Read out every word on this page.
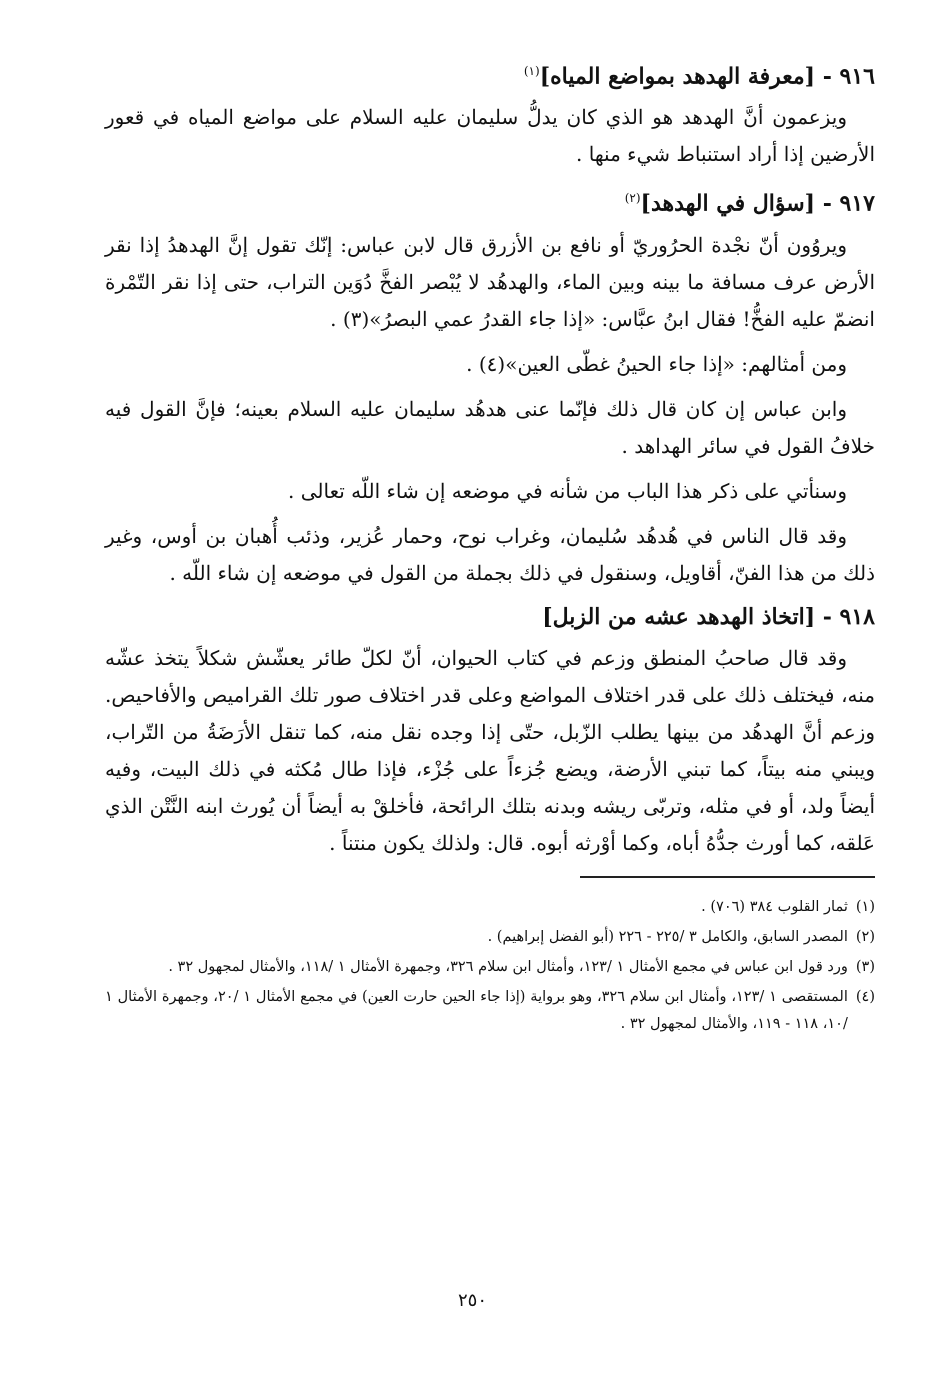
٩١٦ - [معرفة الهدهد بمواضع المياه]$^{(١)}$

ويزعمون أنَّ الهدهد هو الذي كان يدلُّ سليمان عليه السلام على مواضع المياه في قعور الأرضين إذا أراد استنباط شيء منها .

٩١٧ - [سؤال في الهدهد]$^{(٢)}$

ويروُون أنّ نجْدة الحرُوريّ أو نافع بن الأزرق قال لابن عباس: إنّك تقول إنَّ الهدهدُ إذا نقر الأرض عرف مسافة ما بينه وبين الماء، والهدهُد لا يُبْصر الفخَّ دُوَين التراب، حتى إذا نقر التّمْرة انضمّ عليه الفخُّ! فقال ابنُ عبَّاس: «إذا جاء القدرُ عمي البصرُ»(٣) .

ومن أمثالهم: «إذا جاء الحينُ غطّى العين»(٤) .

وابن عباس إن كان قال ذلك فإنّما عنى هدهُد سليمان عليه السلام بعينه؛ فإنَّ القول فيه خلافُ القول في سائر الهداهد .

وسنأتي على ذكر هذا الباب من شأنه في موضعه إن شاء اللّه تعالى .

وقد قال الناس في هُدهُد سُليمان، وغراب نوح، وحمار عُزير، وذئب أُهبان بن أوس، وغير ذلك من هذا الفنّ، أقاويل، وسنقول في ذلك بجملة من القول في موضعه إن شاء اللّه .

٩١٨ - [اتخاذ الهدهد عشه من الزبل]

وقد قال صاحبُ المنطق وزعم في كتاب الحيوان، أنّ لكلّ طائر يعشّش شكلاً يتخذ عشّه منه، فيختلف ذلك على قدر اختلاف المواضع وعلى قدر اختلاف صور تلك القراميص والأفاحيص. وزعم أنَّ الهدهُد من بينها يطلب الزّبل، حتّى إذا وجده نقل منه، كما تنقل الأرَضَةُ من التّراب، ويبني منه بيتاً، كما تبني الأرضة، ويضع جُزءاً على جُزْء، فإذا طال مُكثه في ذلك البيت، وفيه أيضاً ولد، أو في مثله، وتربّى ريشه وبدنه بتلك الرائحة، فأخلقْ به أيضاً أن يُورث ابنه النَّتْن الذي عَلقه، كما أورث جدُّهُ أباه، وكما أوْرثه أبوه. قال: ولذلك يكون منتناً .

(١)
ثمار القلوب ٣٨٤ (٧٠٦) .
(٢)
المصدر السابق، والكامل ٣ /٢٢٥ - ٢٢٦ (أبو الفضل إبراهيم) .
(٣)
ورد قول ابن عباس في مجمع الأمثال ١ /١٢٣، وأمثال ابن سلام ٣٢٦، وجمهرة الأمثال ١ /١١٨، والأمثال لمجهول ٣٢ .
(٤)
المستقصى ١ /١٢٣، وأمثال ابن سلام ٣٢٦، وهو برواية (إذا جاء الحين حارت العين) في مجمع الأمثال ١ /٢٠، وجمهرة الأمثال ١ /١٠، ١١٨ - ١١٩، والأمثال لمجهول ٣٢ .
٢٥٠
